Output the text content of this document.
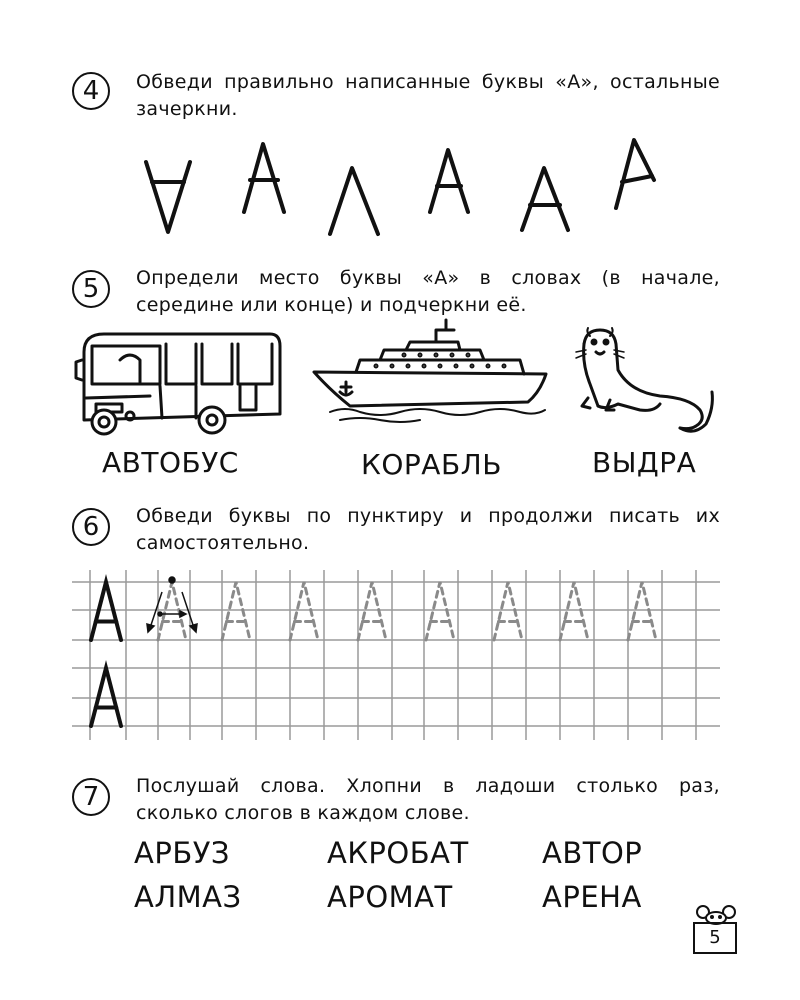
4	Обведи правильно написанные буквы «А», остальные зачеркни.
5	Определи место буквы «А» в словах (в начале, середине или конце) и подчеркни её.
АВТОБУС	КОРАБЛЬ	ВЫДРА
6	Обведи буквы по пунктиру и продолжи писать их самостоятельно.
7	Послушай слова. Хлопни в ладоши столько раз, сколько слогов в каждом слове.
АРБУЗ	АКРОБАТ	АВТОР
АЛМАЗ	АРОМАТ	АРЕНА
5
